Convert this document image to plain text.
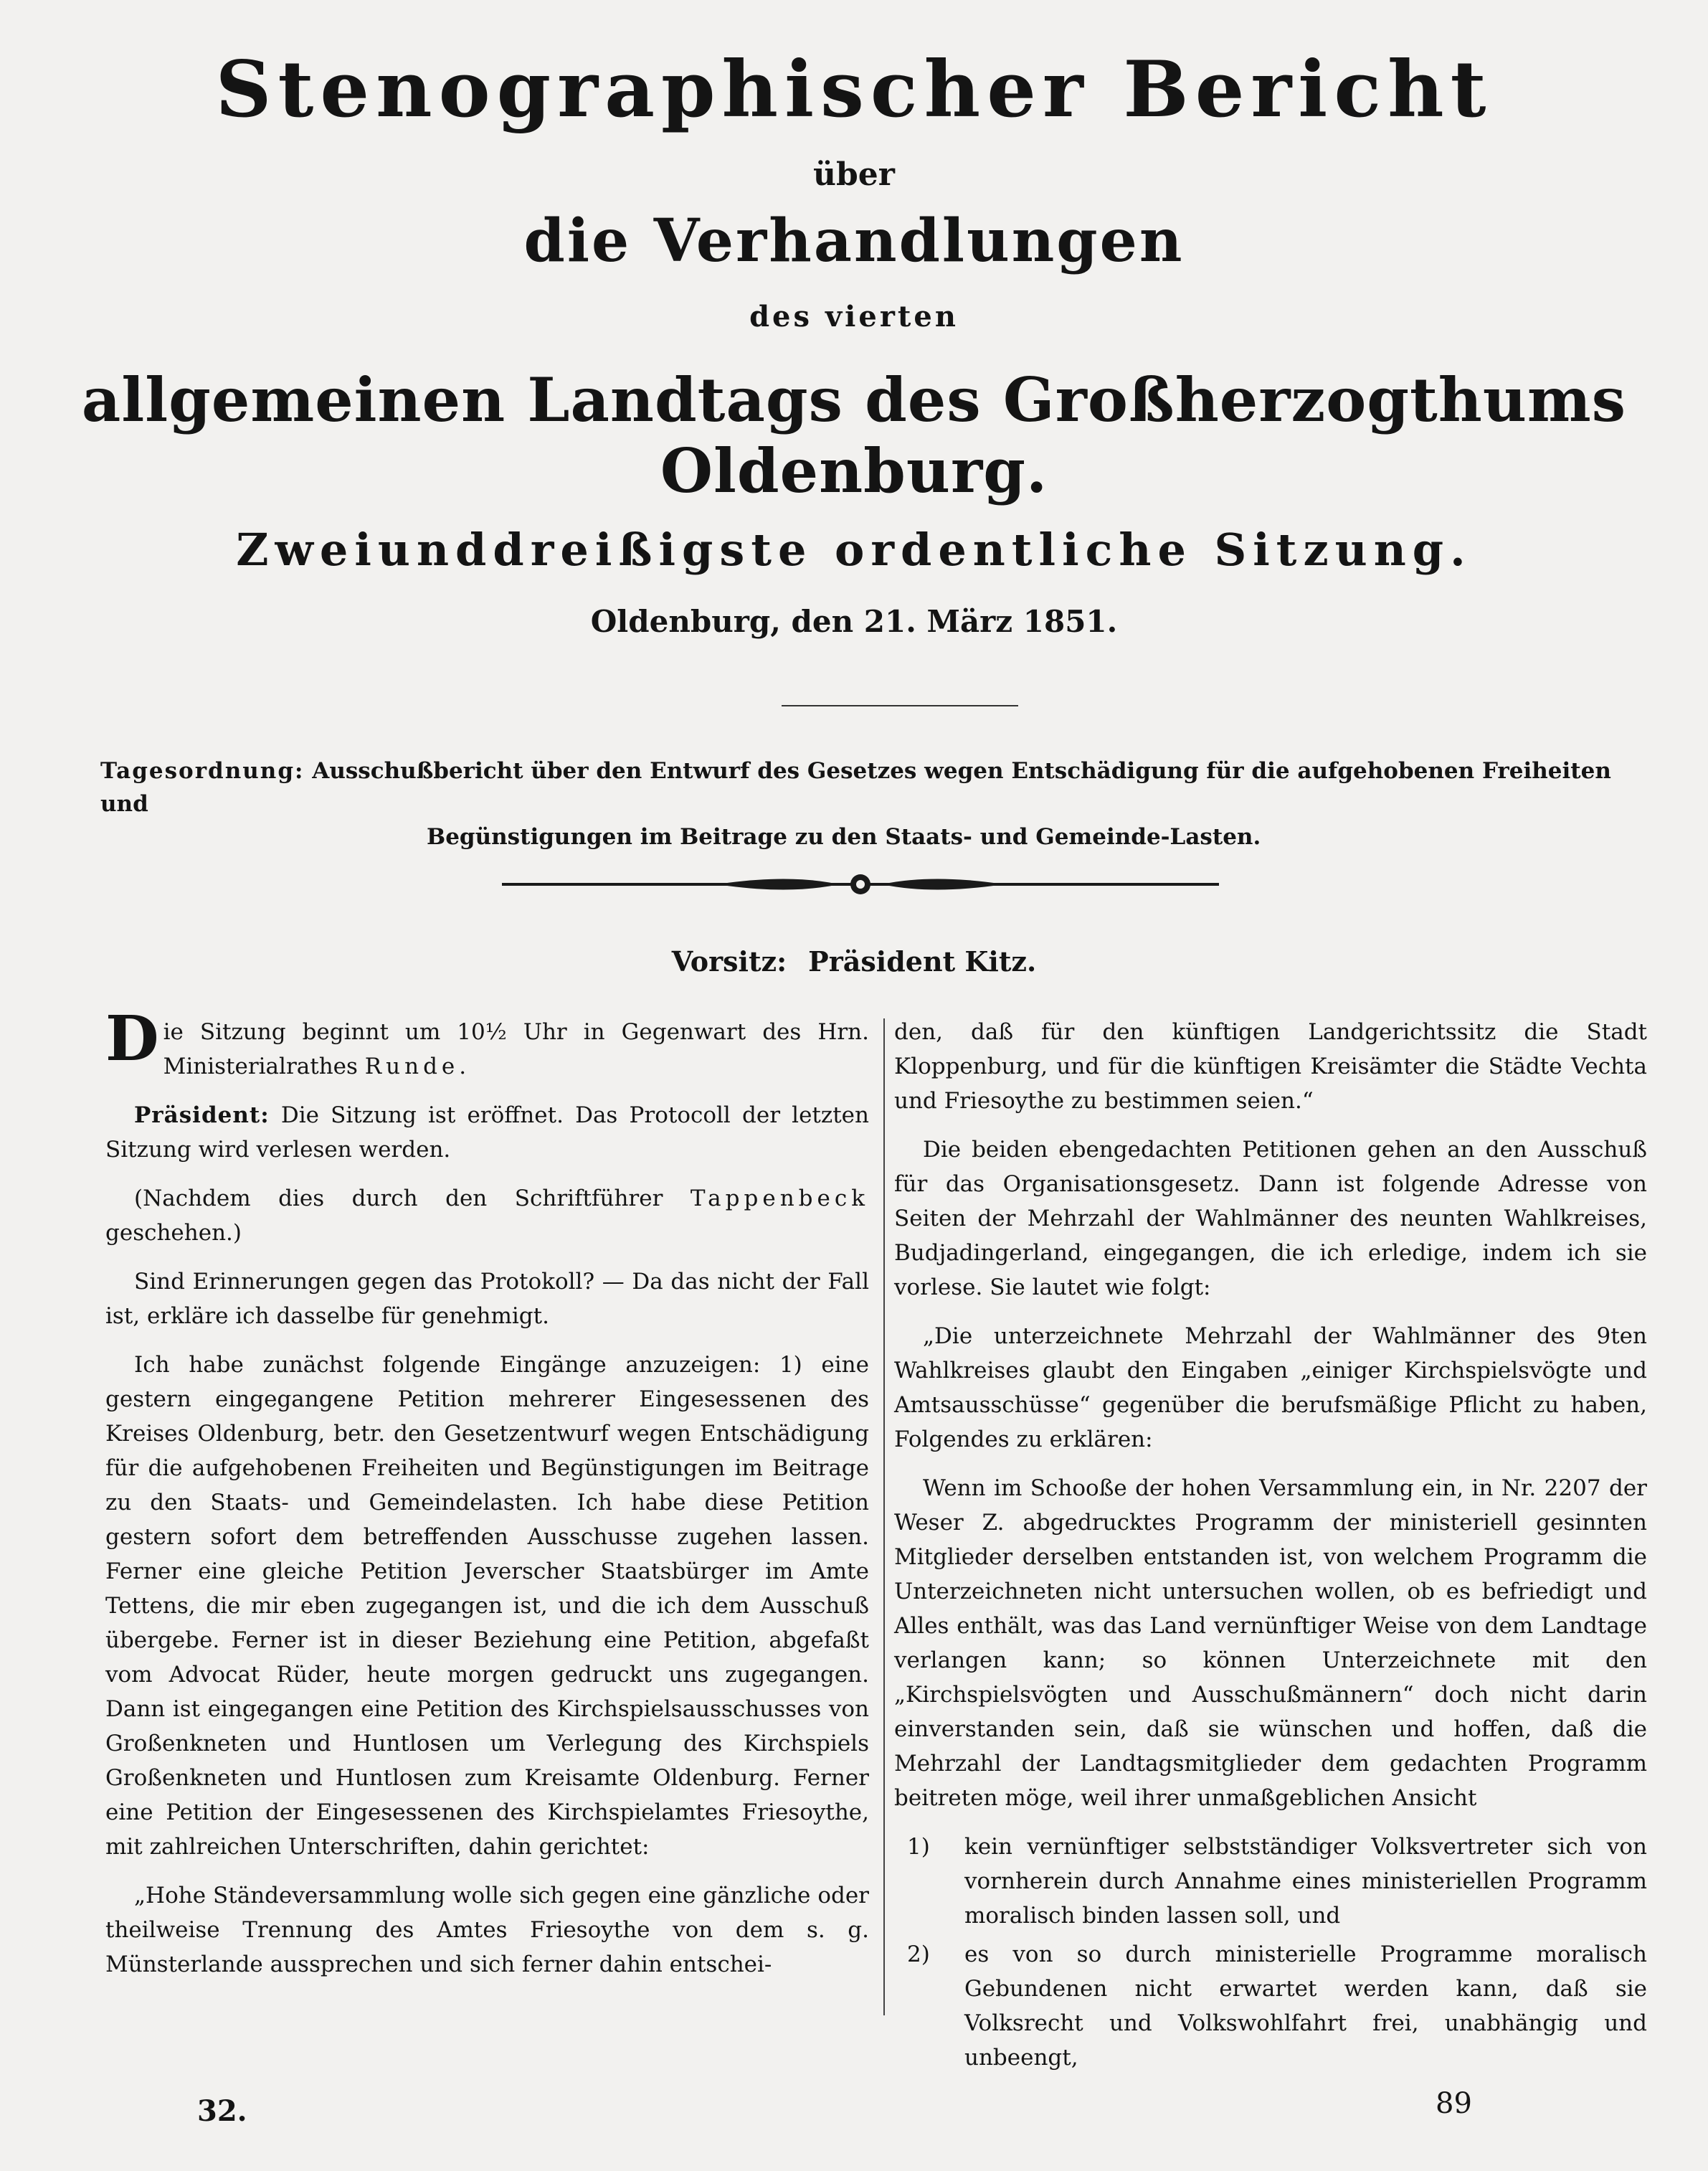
Stenographischer Bericht
über
die Verhandlungen
des vierten
allgemeinen Landtags des Großherzogthums Oldenburg.
Zweiunddreißigste ordentliche Sitzung.
Oldenburg, den 21. März 1851.
Tagesordnung: Ausschußbericht über den Entwurf des Gesetzes wegen Entschädigung für die aufgehobenen Freiheiten und
Begünstigungen im Beitrage zu den Staats- und Gemeinde-Lasten.
Vorsitz: Präsident Kitz.

Die Sitzung beginnt um 10½ Uhr in Gegenwart des Hrn. Ministerialrathes Runde.

Präsident: Die Sitzung ist eröffnet. Das Protocoll der letzten Sitzung wird verlesen werden.

(Nachdem dies durch den Schriftführer Tappenbeck geschehen.)

Sind Erinnerungen gegen das Protokoll? — Da das nicht der Fall ist, erkläre ich dasselbe für genehmigt.

Ich habe zunächst folgende Eingänge anzuzeigen: 1) eine gestern eingegangene Petition mehrerer Eingesessenen des Kreises Oldenburg, betr. den Gesetzentwurf wegen Entschädigung für die aufgehobenen Freiheiten und Begünstigungen im Beitrage zu den Staats- und Gemeindelasten. Ich habe diese Petition gestern sofort dem betreffenden Ausschusse zugehen lassen. Ferner eine gleiche Petition Jeverscher Staatsbürger im Amte Tettens, die mir eben zugegangen ist, und die ich dem Ausschuß übergebe. Ferner ist in dieser Beziehung eine Petition, abgefaßt vom Advocat Rüder, heute morgen gedruckt uns zugegangen. Dann ist eingegangen eine Petition des Kirchspielsausschusses von Großenkneten und Huntlosen um Verlegung des Kirchspiels Großenkneten und Huntlosen zum Kreisamte Oldenburg. Ferner eine Petition der Eingesessenen des Kirchspielamtes Friesoythe, mit zahlreichen Unterschriften, dahin gerichtet:

„Hohe Ständeversammlung wolle sich gegen eine gänzliche oder theilweise Trennung des Amtes Friesoythe von dem s. g. Münsterlande aussprechen und sich ferner dahin entschei-

den, daß für den künftigen Landgerichtssitz die Stadt Kloppenburg, und für die künftigen Kreisämter die Städte Vechta und Friesoythe zu bestimmen seien.“

Die beiden ebengedachten Petitionen gehen an den Ausschuß für das Organisationsgesetz. Dann ist folgende Adresse von Seiten der Mehrzahl der Wahlmänner des neunten Wahlkreises, Budjadingerland, eingegangen, die ich erledige, indem ich sie vorlese. Sie lautet wie folgt:

„Die unterzeichnete Mehrzahl der Wahlmänner des 9ten Wahlkreises glaubt den Eingaben „einiger Kirchspielsvögte und Amtsausschüsse“ gegenüber die berufsmäßige Pflicht zu haben, Folgendes zu erklären:

Wenn im Schooße der hohen Versammlung ein, in Nr. 2207 der Weser Z. abgedrucktes Programm der ministeriell gesinnten Mitglieder derselben entstanden ist, von welchem Programm die Unterzeichneten nicht untersuchen wollen, ob es befriedigt und Alles enthält, was das Land vernünftiger Weise von dem Landtage verlangen kann; so können Unterzeichnete mit den „Kirchspielsvögten und Ausschußmännern“ doch nicht darin einverstanden sein, daß sie wünschen und hoffen, daß die Mehrzahl der Landtagsmitglieder dem gedachten Programm beitreten möge, weil ihrer unmaßgeblichen Ansicht

1)	kein vernünftiger selbstständiger Volksvertreter sich von vornherein durch Annahme eines ministeriellen Programm moralisch binden lassen soll, und
2)	es von so durch ministerielle Programme moralisch Gebundenen nicht erwartet werden kann, daß sie Volksrecht und Volkswohlfahrt frei, unabhängig und unbeengt,
32.	89
